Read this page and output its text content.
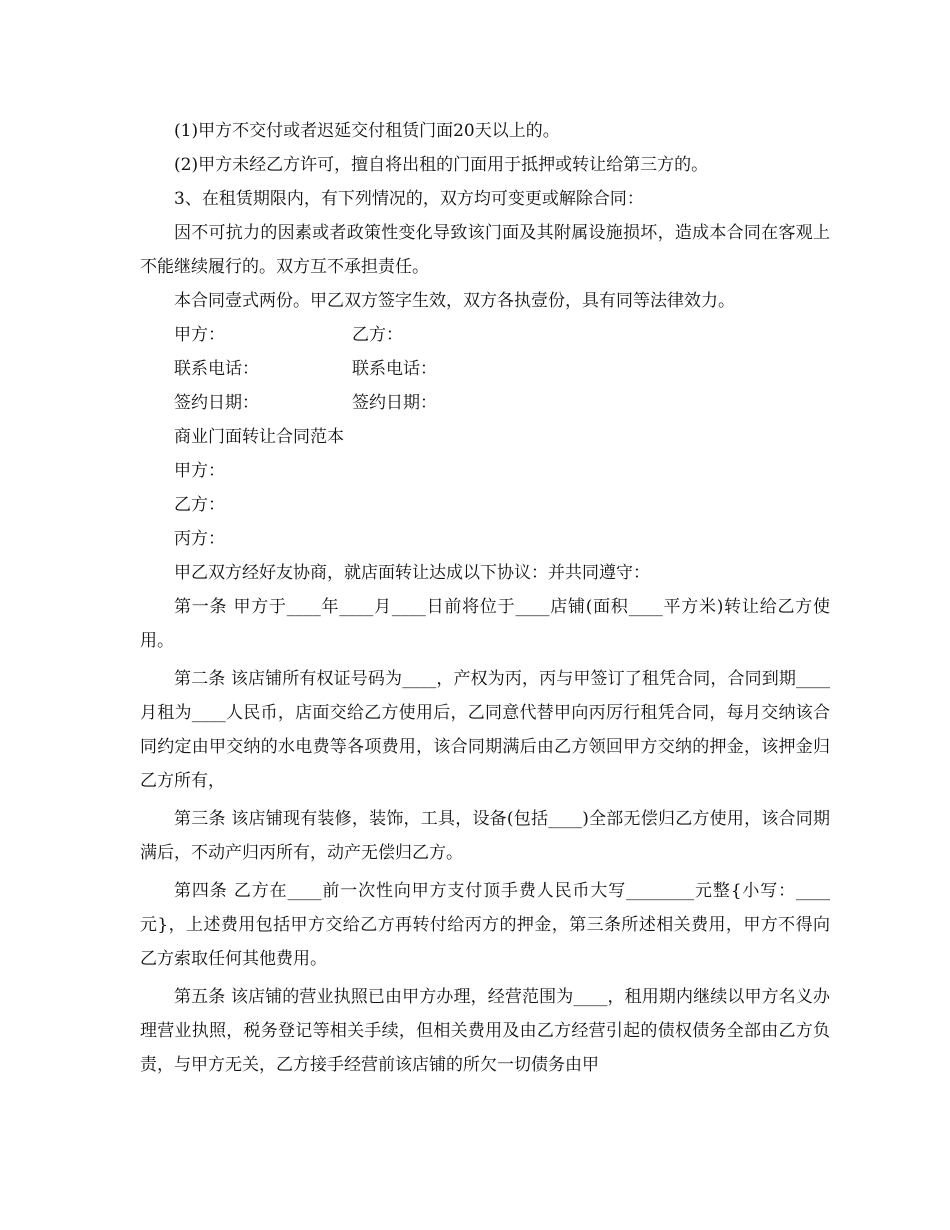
(1)甲方不交付或者迟延交付租赁门面20天以上的。

(2)甲方未经乙方许可，擅自将出租的门面用于抵押或转让给第三方的。

3、在租赁期限内，有下列情况的，双方均可变更或解除合同：

因不可抗力的因素或者政策性变化导致该门面及其附属设施损坏，造成本合同在客观上不能继续履行的。双方互不承担责任。

本合同壹式两份。甲乙双方签字生效，双方各执壹份，具有同等法律效力。

甲方：	乙方：
联系电话：	联系电话：
签约日期：	签约日期：

商业门面转让合同范本

甲方：

乙方：

丙方：

甲乙双方经好友协商，就店面转让达成以下协议：并共同遵守：

第一条 甲方于____年____月____日前将位于____店铺(面积____平方米)转让给乙方使用。

第二条 该店铺所有权证号码为____，产权为丙，丙与甲签订了租凭合同，合同到期____月租为____人民币，店面交给乙方使用后，乙同意代替甲向丙厉行租凭合同，每月交纳该合同约定由甲交纳的水电费等各项费用，该合同期满后由乙方领回甲方交纳的押金，该押金归乙方所有，

第三条 该店铺现有装修，装饰，工具，设备(包括____)全部无偿归乙方使用，该合同期满后，不动产归丙所有，动产无偿归乙方。

第四条 乙方在____前一次性向甲方支付顶手费人民币大写________元整{小写：____元}，上述费用包括甲方交给乙方再转付给丙方的押金，第三条所述相关费用，甲方不得向乙方索取任何其他费用。

第五条 该店铺的营业执照已由甲方办理，经营范围为____，租用期内继续以甲方名义办理营业执照，税务登记等相关手续，但相关费用及由乙方经营引起的债权债务全部由乙方负责，与甲方无关，乙方接手经营前该店铺的所欠一切债务由甲
